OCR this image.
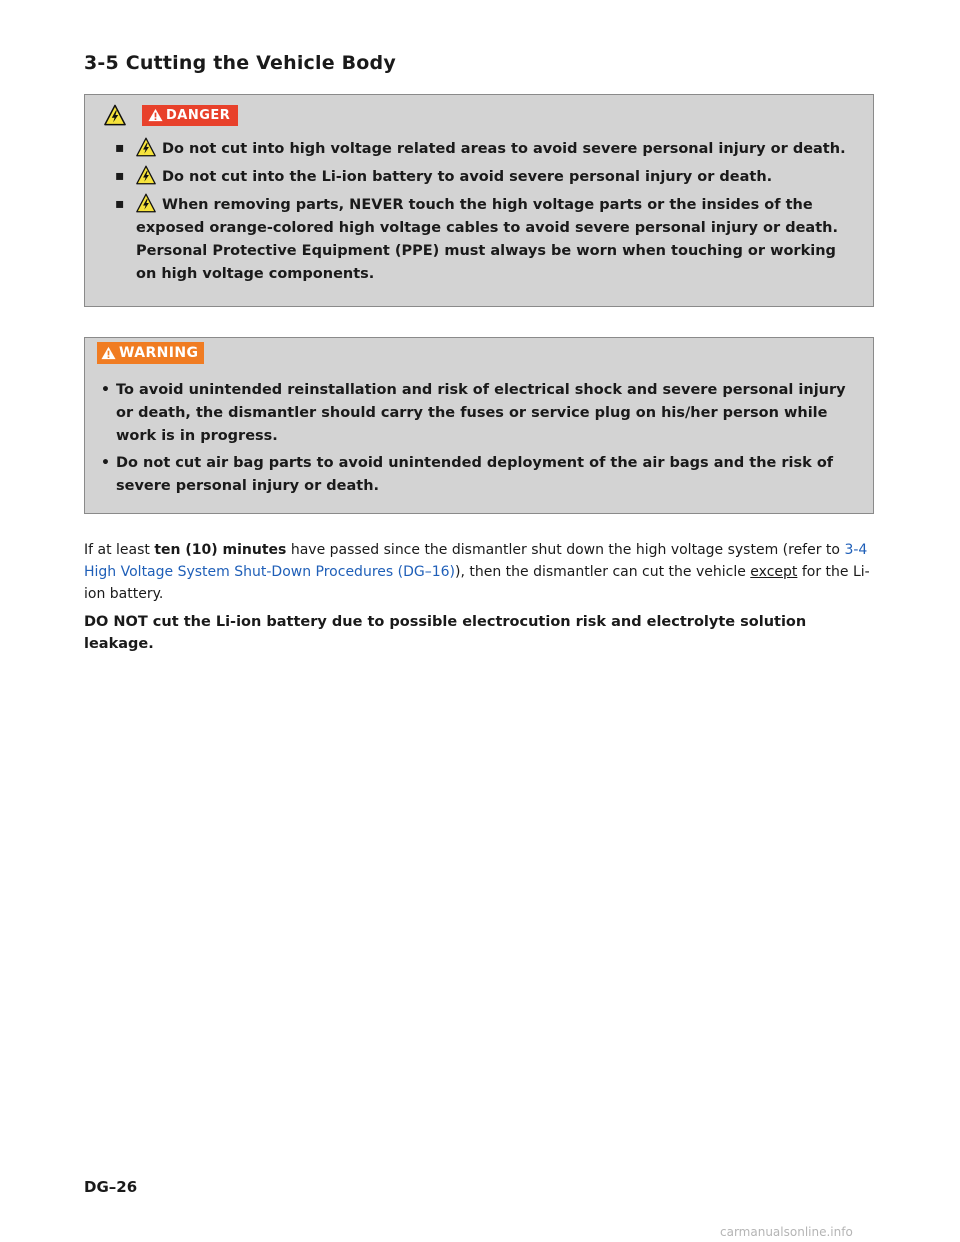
3-5 Cutting the Vehicle Body
DANGER
▪	Do not cut into high voltage related areas to avoid severe personal injury or death.
▪	Do not cut into the Li-ion battery to avoid severe personal injury or death.
▪	When removing parts, NEVER touch the high voltage parts or the insides of the exposed orange-colored high voltage cables to avoid severe personal injury or death. Personal Protective Equipment (PPE) must always be worn when touching or working on high voltage components.
WARNING
• To avoid unintended reinstallation and risk of electrical shock and severe personal injury or death, the dismantler should carry the fuses or service plug on his/her person while work is in progress.
• Do not cut air bag parts to avoid unintended deployment of the air bags and the risk of severe personal injury or death.

If at least ten (10) minutes have passed since the dismantler shut down the high voltage system (refer to 3-4 High Voltage System Shut-Down Procedures (DG–16)), then the dismantler can cut the vehicle except for the Li-ion battery.

DO NOT cut the Li-ion battery due to possible electrocution risk and electrolyte solution leakage.

DG–26

carmanualsonline.info
